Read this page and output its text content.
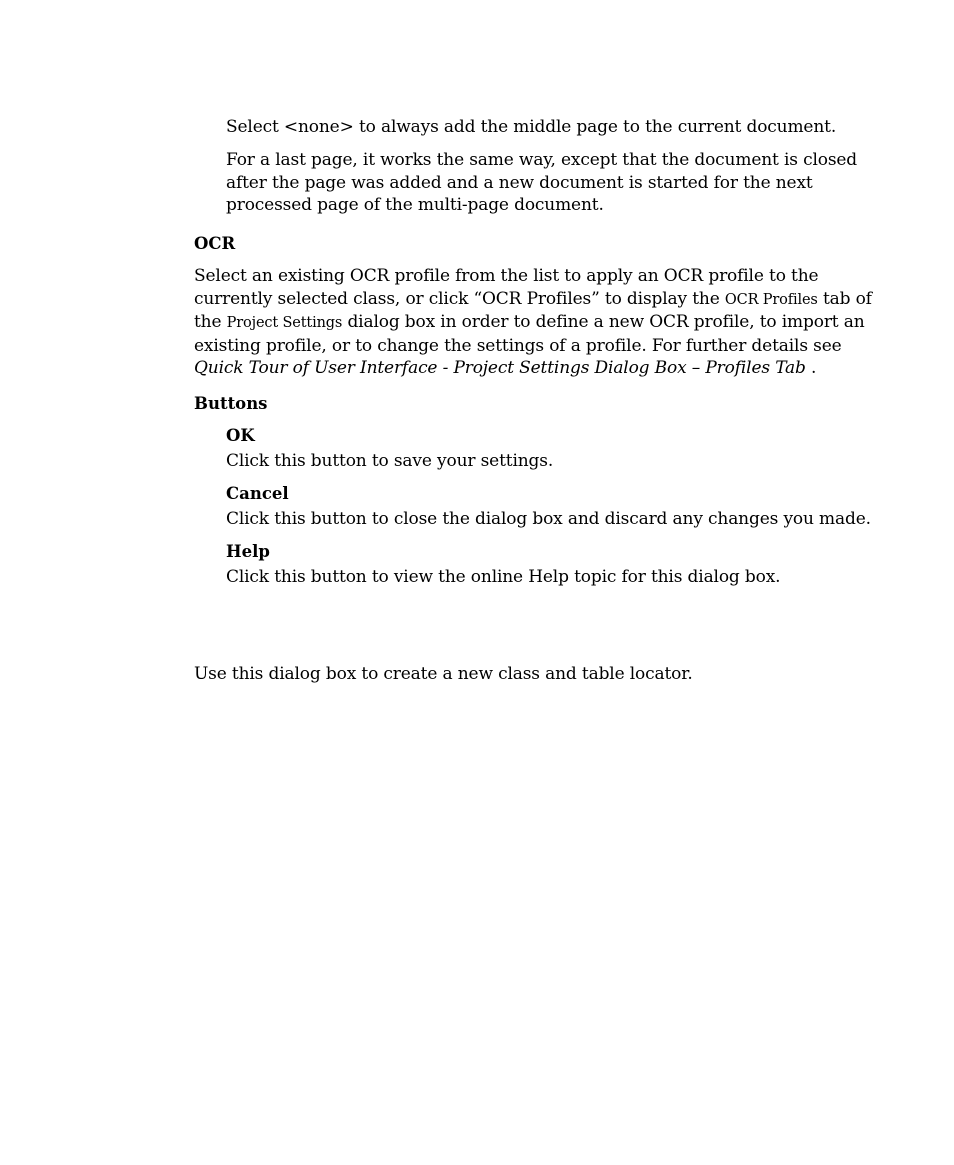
Select <none> to always add the middle page to the current document.

For a last page, it works the same way, except that the document is closed after the page was added and a new document is started for the next processed page of the multi-page document.

OCR

Select an existing OCR profile from the list to apply an OCR profile to the currently selected class, or click “OCR Profiles” to display the OCR Profiles tab of the Project Settings dialog box in order to define a new OCR profile, to import an existing profile, or to change the settings of a profile. For further details see Quick Tour of User Interface - Project Settings Dialog Box – Profiles Tab .

Buttons

OK

Click this button to save your settings.

Cancel

Click this button to close the dialog box and discard any changes you made.

Help

Click this button to view the online Help topic for this dialog box.

Use this dialog box to create a new class and table locator.
